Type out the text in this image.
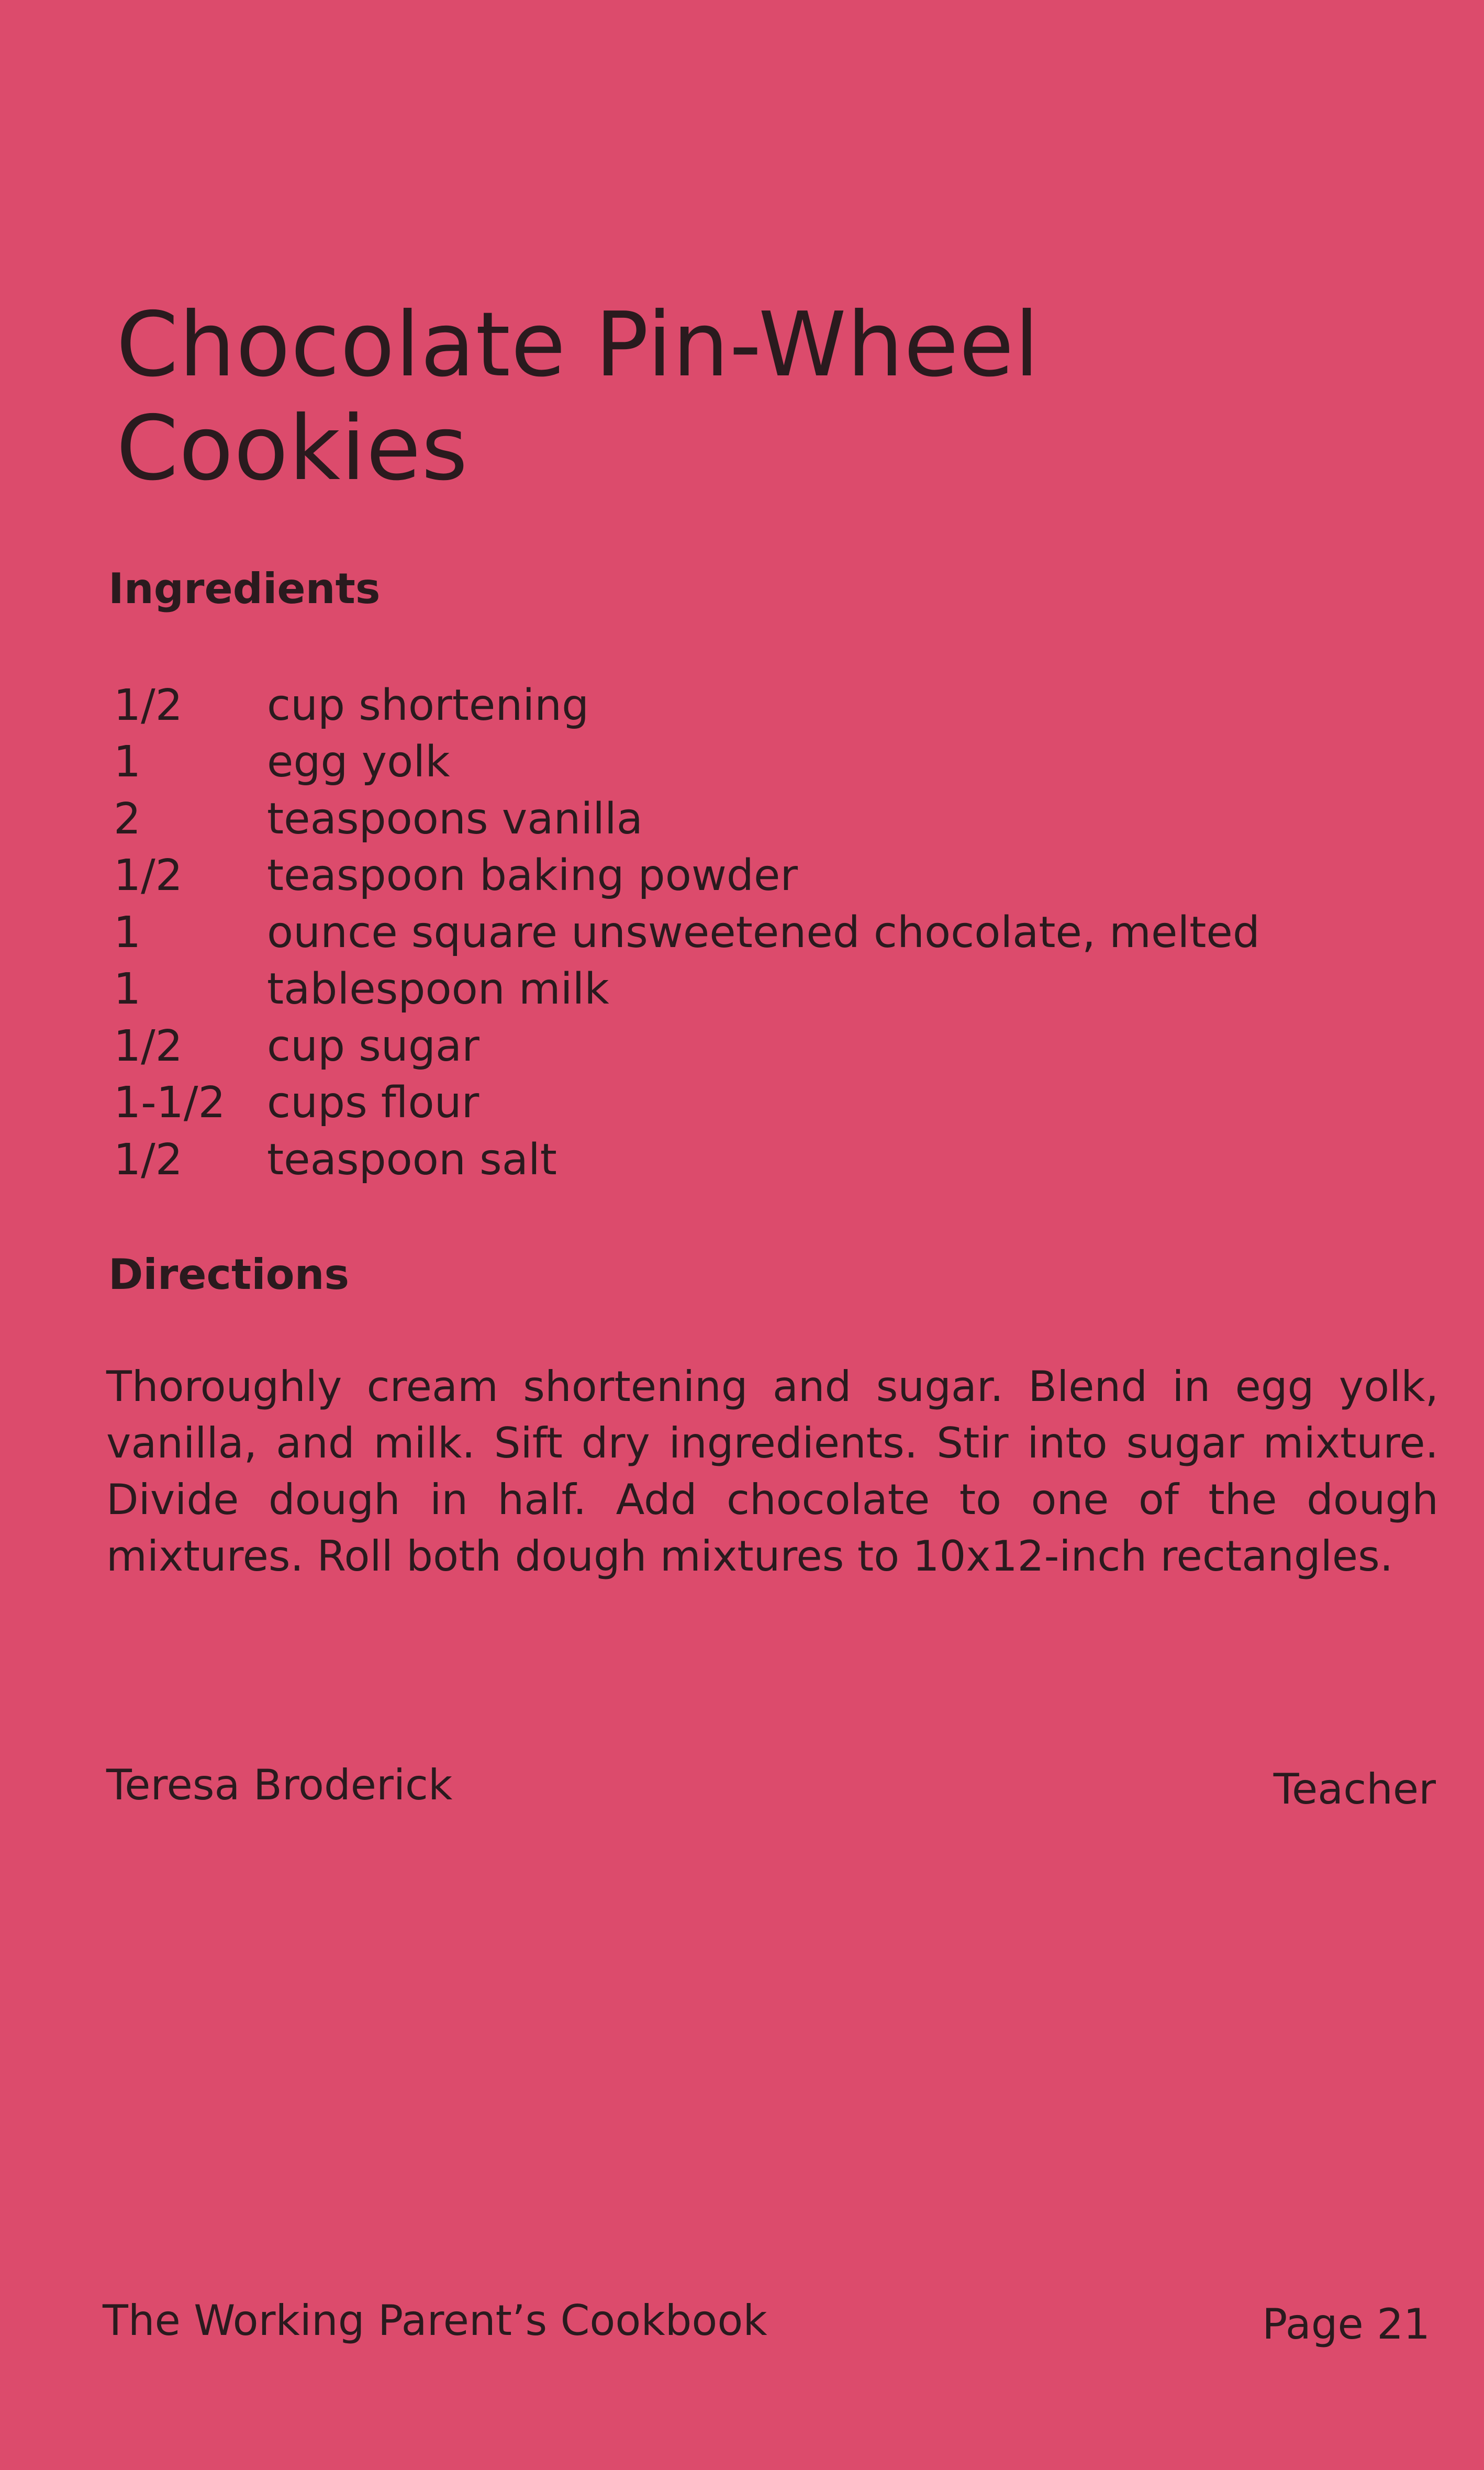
Chocolate Pin-Wheel
Cookies
Ingredients
1/2	cup shortening
1	egg yolk
2	teaspoons vanilla
1/2	teaspoon baking powder
1	ounce square unsweetened chocolate, melted
1	tablespoon milk
1/2	cup sugar
1-1/2 cups flour
1/2	teaspoon salt
Directions

Thoroughly cream shortening and sugar. Blend in egg yolk, vanilla, and milk. Sift dry ingredients. Stir into sugar mixture. Divide dough in half. Add chocolate to one of the dough mixtures. Roll both dough mixtures to 10x12-inch rectangles.

Teresa Broderick	Teacher
The Working Parent’s Cookbook	Page 21
